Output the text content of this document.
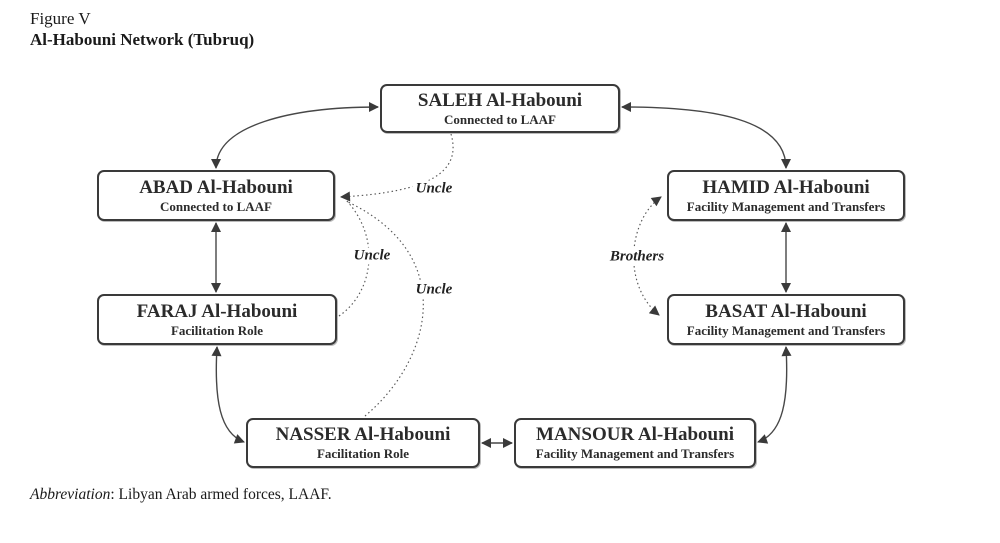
Figure V
Al-Habouni Network (Tubruq)
SALEH Al-Habouni
Connected to LAAF
ABAD Al-Habouni
Connected to LAAF
HAMID Al-Habouni
Facility Management and Transfers
FARAJ Al-Habouni
Facilitation Role
BASAT Al-Habouni
Facility Management and Transfers
NASSER Al-Habouni
Facilitation Role
MANSOUR Al-Habouni
Facility Management and Transfers
Uncle
Uncle
Uncle
Brothers
Abbreviation: Libyan Arab armed forces, LAAF.
